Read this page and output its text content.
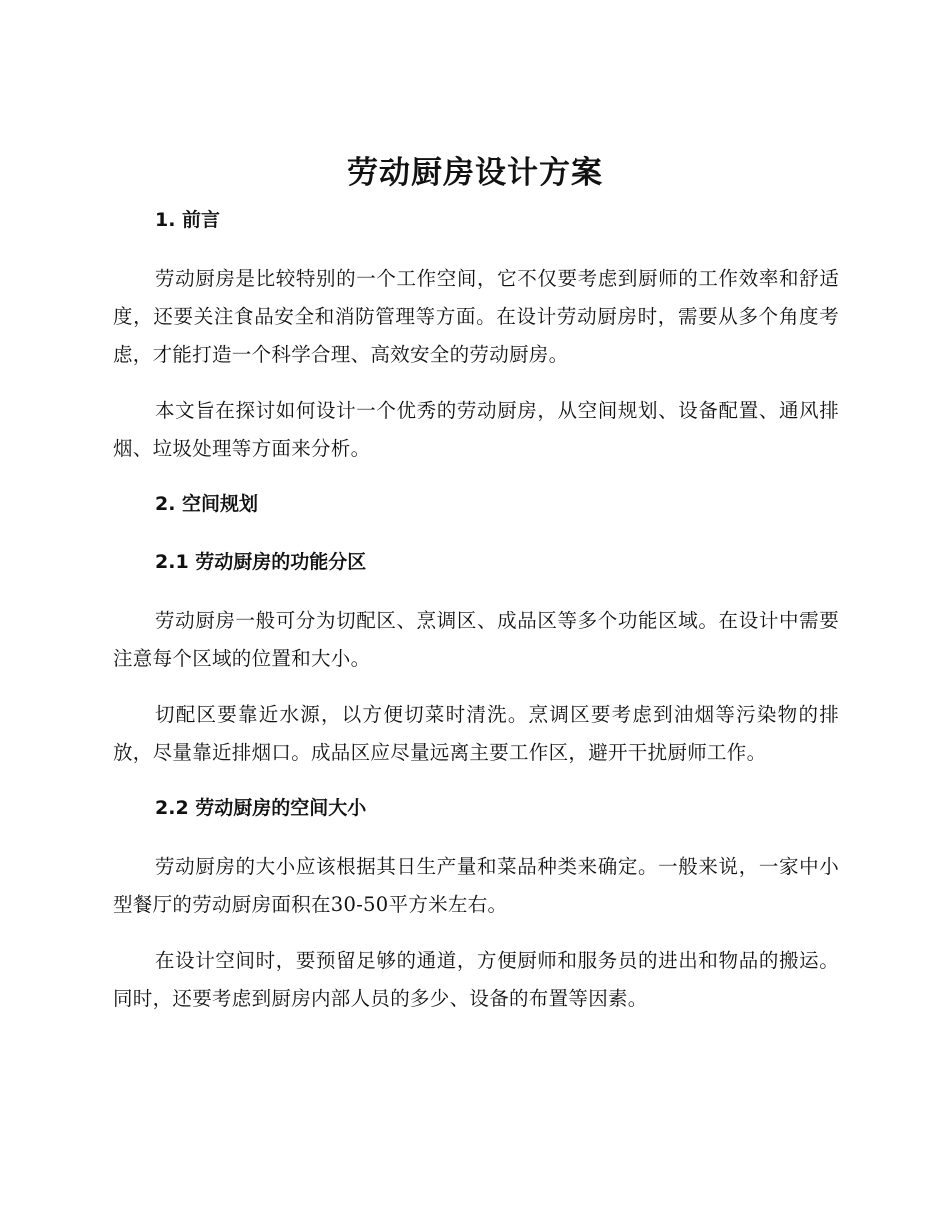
劳动厨房设计方案
1. 前言

劳动厨房是比较特别的一个工作空间，它不仅要考虑到厨师的工作效率和舒适度，还要关注食品安全和消防管理等方面。在设计劳动厨房时，需要从多个角度考虑，才能打造一个科学合理、高效安全的劳动厨房。

本文旨在探讨如何设计一个优秀的劳动厨房，从空间规划、设备配置、通风排烟、垃圾处理等方面来分析。

2. 空间规划
2.1 劳动厨房的功能分区

劳动厨房一般可分为切配区、烹调区、成品区等多个功能区域。在设计中需要注意每个区域的位置和大小。

切配区要靠近水源，以方便切菜时清洗。烹调区要考虑到油烟等污染物的排放，尽量靠近排烟口。成品区应尽量远离主要工作区，避开干扰厨师工作。

2.2 劳动厨房的空间大小

劳动厨房的大小应该根据其日生产量和菜品种类来确定。一般来说，一家中小型餐厅的劳动厨房面积在30-50平方米左右。

在设计空间时，要预留足够的通道，方便厨师和服务员的进出和物品的搬运。同时，还要考虑到厨房内部人员的多少、设备的布置等因素。
